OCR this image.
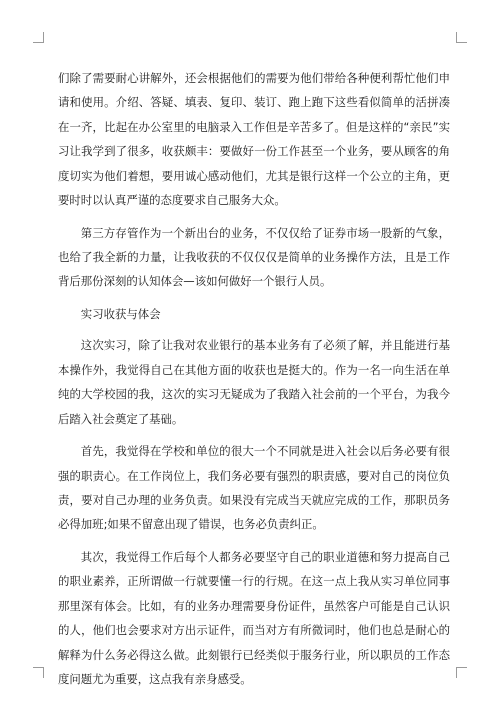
们除了需要耐心讲解外，还会根据他们的需要为他们带给各种便利帮忙他们申请和使用。介绍、答疑、填表、复印、装订、跑上跑下这些看似简单的活拼凑在一齐，比起在办公室里的电脑录入工作但是辛苦多了。但是这样的“亲民”实习让我学到了很多，收获颇丰：要做好一份工作甚至一个业务，要从顾客的角度切实为他们着想，要用诚心感动他们，尤其是银行这样一个公立的主角，更要时时以认真严谨的态度要求自己服务大众。

第三方存管作为一个新出台的业务，不仅仅给了证券市场一股新的气象，也给了我全新的力量，让我收获的不仅仅仅是简单的业务操作方法，且是工作背后那份深刻的认知体会—该如何做好一个银行人员。

实习收获与体会

这次实习，除了让我对农业银行的基本业务有了必须了解，并且能进行基本操作外，我觉得自己在其他方面的收获也是挺大的。作为一名一向生活在单纯的大学校园的我，这次的实习无疑成为了我踏入社会前的一个平台，为我今后踏入社会奠定了基础。

首先，我觉得在学校和单位的很大一个不同就是进入社会以后务必要有很强的职责心。在工作岗位上，我们务必要有强烈的职责感，要对自己的岗位负责，要对自己办理的业务负责。如果没有完成当天就应完成的工作，那职员务必得加班;如果不留意出现了错误，也务必负责纠正。

其次，我觉得工作后每个人都务必要坚守自己的职业道德和努力提高自己的职业素养，正所谓做一行就要懂一行的行规。在这一点上我从实习单位同事那里深有体会。比如，有的业务办理需要身份证件，虽然客户可能是自己认识的人，他们也会要求对方出示证件，而当对方有所微词时，他们也总是耐心的解释为什么务必得这么做。此刻银行已经类似于服务行业，所以职员的工作态度问题尤为重要，这点我有亲身感受。
